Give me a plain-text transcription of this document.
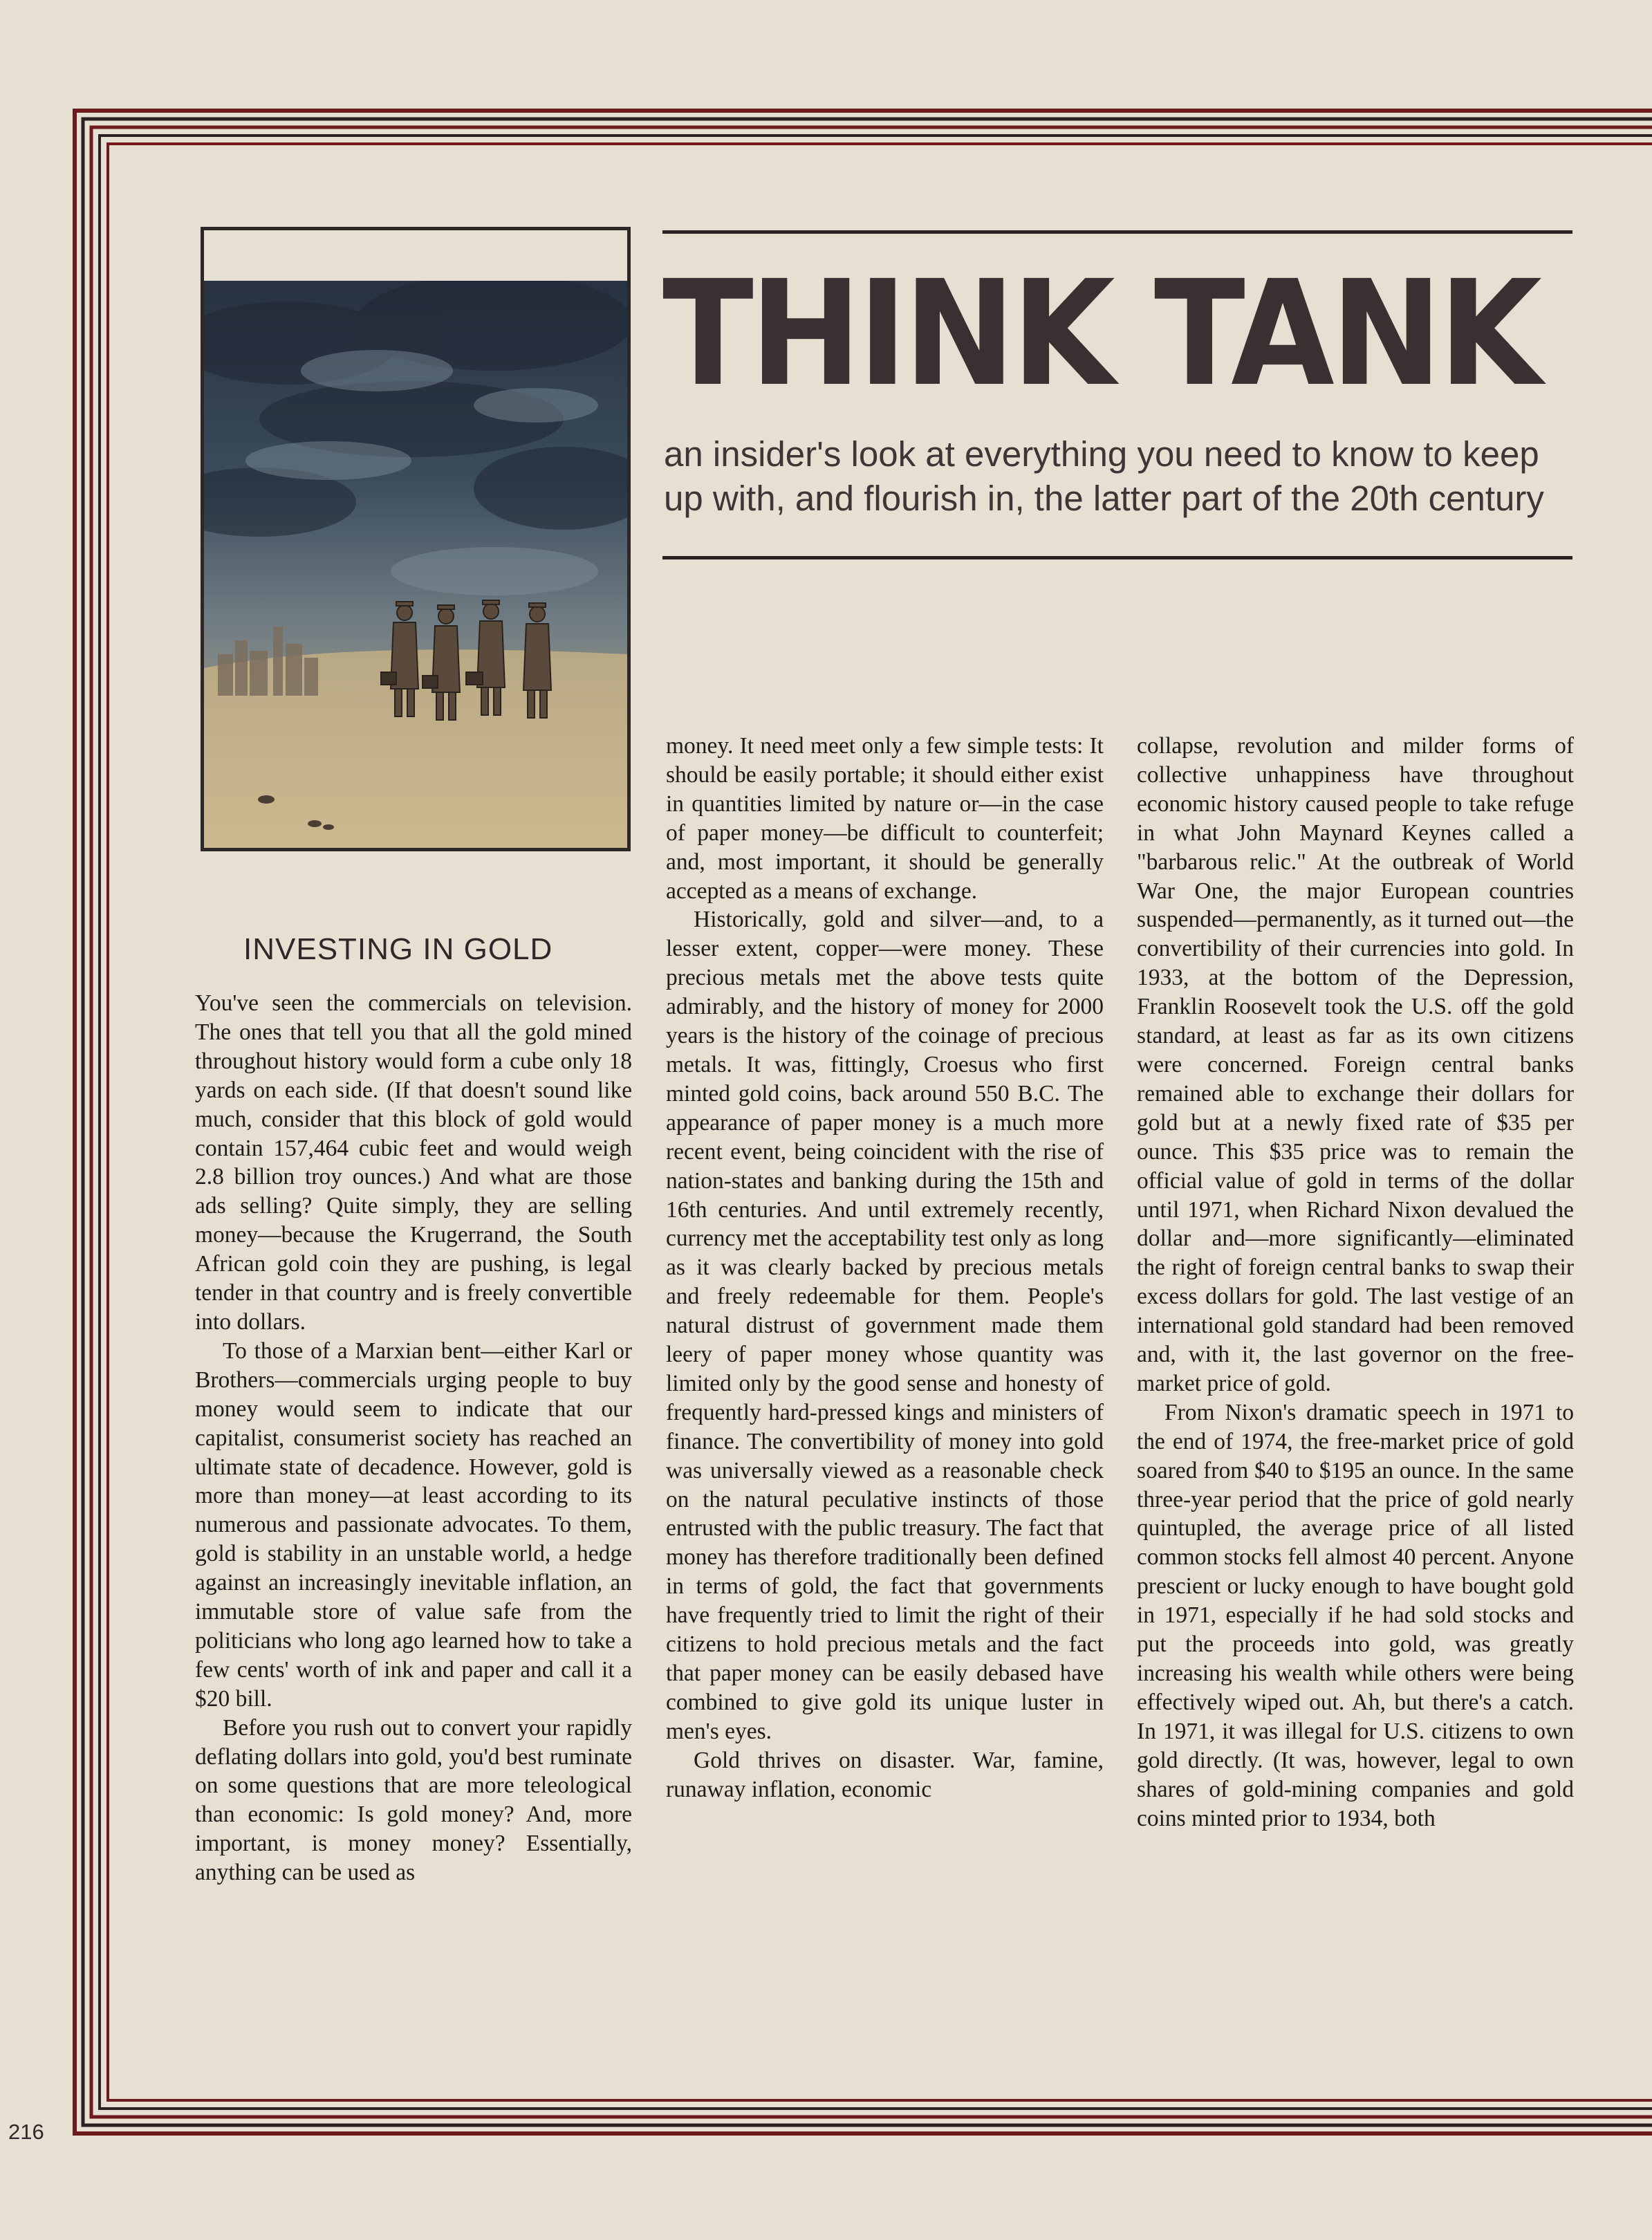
THINK TANK
an insider's look at everything you need to know to keep up with, and flourish in, the latter part of the 20th century
INVESTING IN GOLD

You've seen the commercials on television. The ones that tell you that all the gold mined throughout history would form a cube only 18 yards on each side. (If that doesn't sound like much, consider that this block of gold would contain 157,464 cubic feet and would weigh 2.8 billion troy ounces.) And what are those ads selling? Quite simply, they are selling money—because the Krugerrand, the South African gold coin they are pushing, is legal tender in that country and is freely convertible into dollars.

To those of a Marxian bent—either Karl or Brothers—commercials urging people to buy money would seem to indicate that our capitalist, consumerist society has reached an ultimate state of decadence. However, gold is more than money—at least according to its numerous and passionate advocates. To them, gold is stability in an unstable world, a hedge against an increasingly inevitable inflation, an immutable store of value safe from the politicians who long ago learned how to take a few cents' worth of ink and paper and call it a $20 bill.

Before you rush out to convert your rapidly deflating dollars into gold, you'd best ruminate on some questions that are more teleological than economic: Is gold money? And, more important, is money money? Essentially, anything can be used as

money. It need meet only a few simple tests: It should be easily portable; it should either exist in quantities limited by nature or—in the case of paper money—be difficult to counterfeit; and, most important, it should be generally accepted as a means of exchange.

Historically, gold and silver—and, to a lesser extent, copper—were money. These precious metals met the above tests quite admirably, and the history of money for 2000 years is the history of the coinage of precious metals. It was, fittingly, Croesus who first minted gold coins, back around 550 B.C. The appearance of paper money is a much more recent event, being coincident with the rise of nation-states and banking during the 15th and 16th centuries. And until extremely recently, currency met the acceptability test only as long as it was clearly backed by precious metals and freely redeemable for them. People's natural distrust of government made them leery of paper money whose quantity was limited only by the good sense and honesty of frequently hard-pressed kings and ministers of finance. The convertibility of money into gold was universally viewed as a reasonable check on the natural peculative instincts of those entrusted with the public treasury. The fact that money has therefore traditionally been defined in terms of gold, the fact that governments have frequently tried to limit the right of their citizens to hold precious metals and the fact that paper money can be easily debased have combined to give gold its unique luster in men's eyes.

Gold thrives on disaster. War, famine, runaway inflation, economic

collapse, revolution and milder forms of collective unhappiness have throughout economic history caused people to take refuge in what John Maynard Keynes called a "barbarous relic." At the outbreak of World War One, the major European countries suspended—permanently, as it turned out—the convertibility of their currencies into gold. In 1933, at the bottom of the Depression, Franklin Roosevelt took the U.S. off the gold standard, at least as far as its own citizens were concerned. Foreign central banks remained able to exchange their dollars for gold but at a newly fixed rate of $35 per ounce. This $35 price was to remain the official value of gold in terms of the dollar until 1971, when Richard Nixon devalued the dollar and—more significantly—eliminated the right of foreign central banks to swap their excess dollars for gold. The last vestige of an international gold standard had been removed and, with it, the last governor on the free-market price of gold.

From Nixon's dramatic speech in 1971 to the end of 1974, the free-market price of gold soared from $40 to $195 an ounce. In the same three-year period that the price of gold nearly quintupled, the average price of all listed common stocks fell almost 40 percent. Anyone prescient or lucky enough to have bought gold in 1971, especially if he had sold stocks and put the proceeds into gold, was greatly increasing his wealth while others were being effectively wiped out. Ah, but there's a catch. In 1971, it was illegal for U.S. citizens to own gold directly. (It was, however, legal to own shares of gold-mining companies and gold coins minted prior to 1934, both

216
